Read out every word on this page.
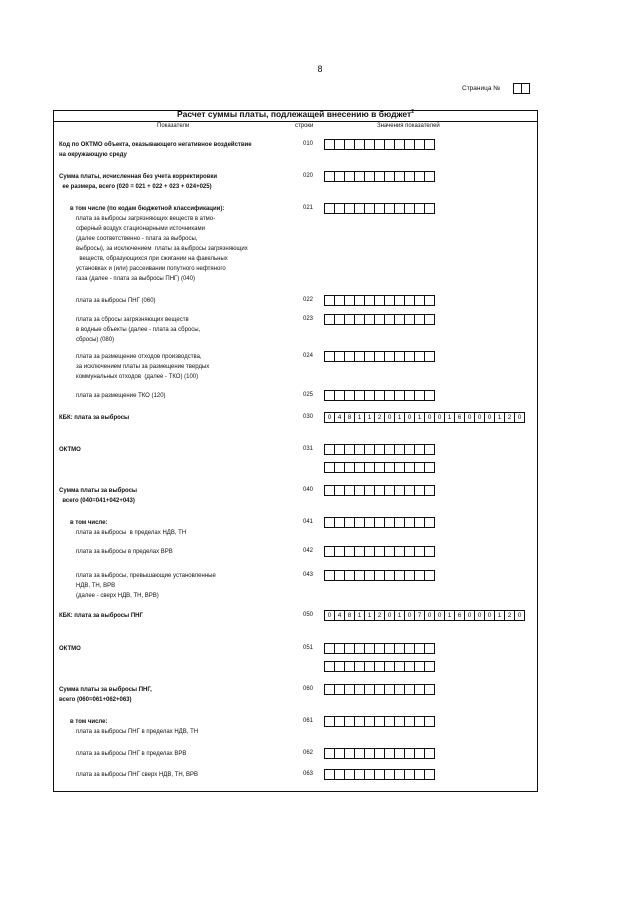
8
Страница №
Расчет суммы платы, подлежащей внесению в бюджет$^2$
Показатели	строки	Значения показателей
Код по ОКТМО объекта, оказывающего негативное воздействие
на окружающую среду
010
Сумма платы, исчисленная без учета корректировки
ее размера, всего (020 = 021 + 022 + 023 + 024+025)
020
в том числе (по кодам бюджетной классификации):
плата за выбросы загрязняющих веществ в атмо-
сферный воздух стационарными источниками
(далее соответственно - плата за выбросы,
выбросы), за исключением  платы за выбросы загрязняющих
веществ, образующихся при сжигании на факельных
установках и (или) рассеивании попутного нефтяного
газа (далее - плата за выбросы ПНГ) (040)
021
плата за выбросы ПНГ (060)	022
плата за сбросы загрязняющих веществ
в водные объекты (далее - плата за сбросы,
сбросы) (080)
023
плата за размещение отходов производства,
за исключением платы за размещение твердых
коммунальных отходов  (далее - ТКО) (100)
024
плата за размещение ТКО (120)	025
КБК: плата за выбросы	030	0 4 8 1 1 2 0 1 0 1 0 0 1 6 0 0 0 1 2 0
ОКТМО	031
Сумма платы за выбросы
всего (040=041+042+043)
040
в том числе:
плата за выбросы  в пределах НДВ, ТН
041
плата за выбросы в пределах ВРВ	042
плата за выбросы, превышающие установленные
НДВ, ТН, ВРВ
(далее - сверх НДВ, ТН, ВРВ)
043
КБК: плата за выбросы ПНГ	050	0 4 8 1 1 2 0 1 0 7 0 0 1 6 0 0 0 1 2 0
ОКТМО	051
Сумма платы за выбросы ПНГ,
всего (060=061+062+063)
060
в том числе:
плата за выбросы ПНГ в пределах НДВ, ТН
061
плата за выбросы ПНГ в пределах ВРВ	062
плата за выбросы ПНГ сверх НДВ, ТН, ВРВ	063
